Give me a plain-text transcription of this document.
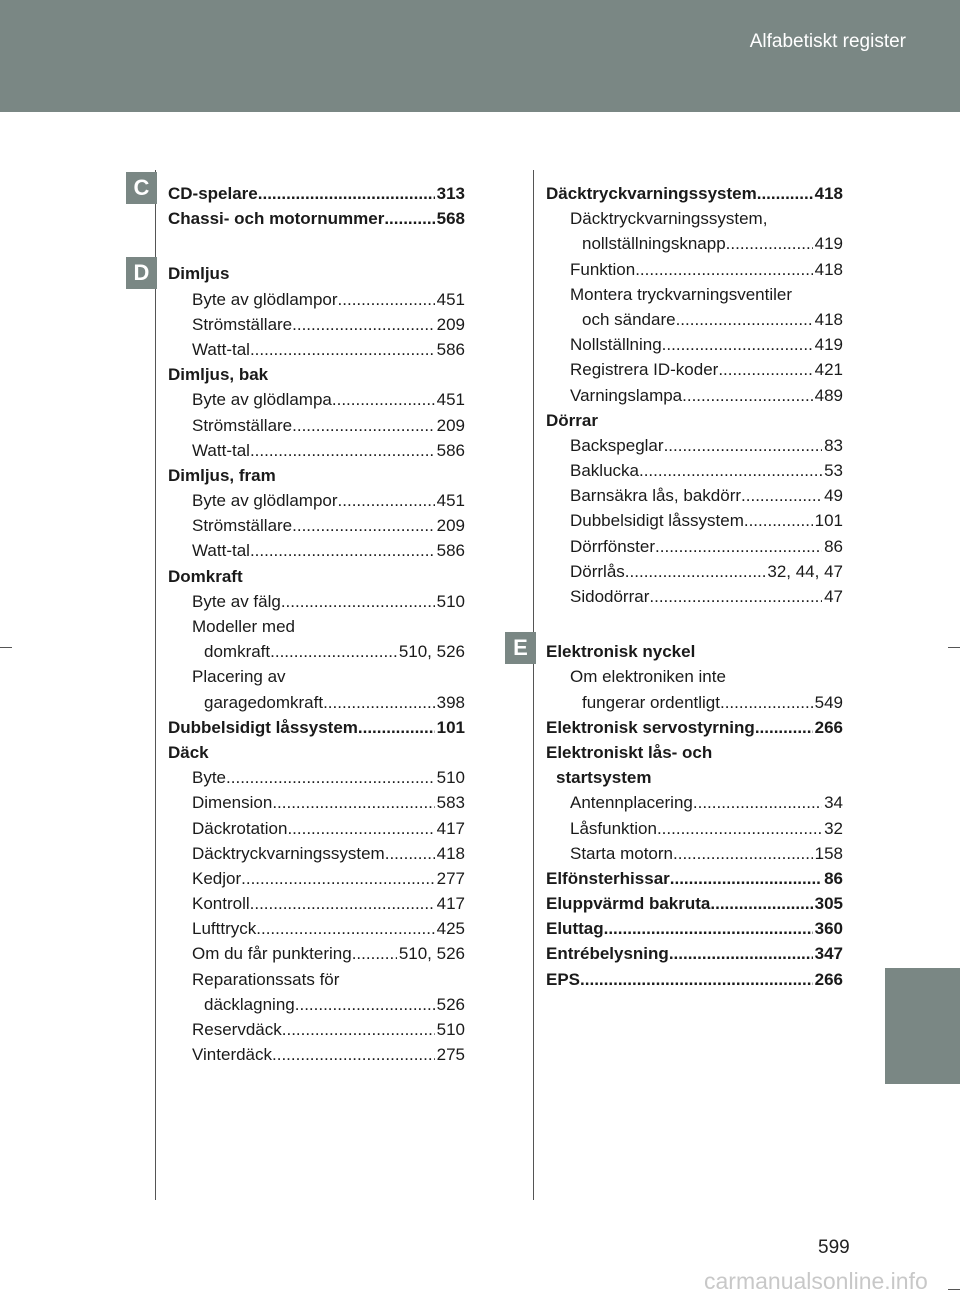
Alfabetiskt register
C
D
E
CD-spelare .....	313
Chassi- och motornummer .....	568
Dimljus
Byte av glödlampor .....	451
Strömställare .....	209
Watt-tal .....	586
Dimljus, bak
Byte av glödlampa .....	451
Strömställare .....	209
Watt-tal .....	586
Dimljus, fram
Byte av glödlampor .....	451
Strömställare .....	209
Watt-tal .....	586
Domkraft
Byte av fälg .....	510
Modeller med
domkraft .....	510, 526
Placering av
garagedomkraft .....	398
Dubbelsidigt låssystem .....	101
Däck
Byte .....	510
Dimension .....	583
Däckrotation .....	417
Däcktryckvarningssystem .....	418
Kedjor .....	277
Kontroll .....	417
Lufttryck .....	425
Om du får punktering .....	510, 526
Reparationssats för
däcklagning .....	526
Reservdäck .....	510
Vinterdäck .....	275
Däcktryckvarningssystem .....	418
Däcktryckvarningssystem,
nollställningsknapp .....	419
Funktion .....	418
Montera tryckvarningsventiler
och sändare .....	418
Nollställning .....	419
Registrera ID-koder .....	421
Varningslampa .....	489
Dörrar
Backspeglar .....	83
Baklucka .....	53
Barnsäkra lås, bakdörr .....	49
Dubbelsidigt låssystem .....	101
Dörrfönster .....	86
Dörrlås .....	32, 44, 47
Sidodörrar .....	47
Elektronisk nyckel
Om elektroniken inte
fungerar ordentligt .....	549
Elektronisk servostyrning .....	266
Elektroniskt lås- och
startsystem
Antennplacering .....	34
Låsfunktion .....	32
Starta motorn .....	158
Elfönsterhissar .....	86
Eluppvärmd bakruta .....	305
Eluttag .....	360
Entrébelysning .....	347
EPS .....	266
599
carmanualsonline.info
